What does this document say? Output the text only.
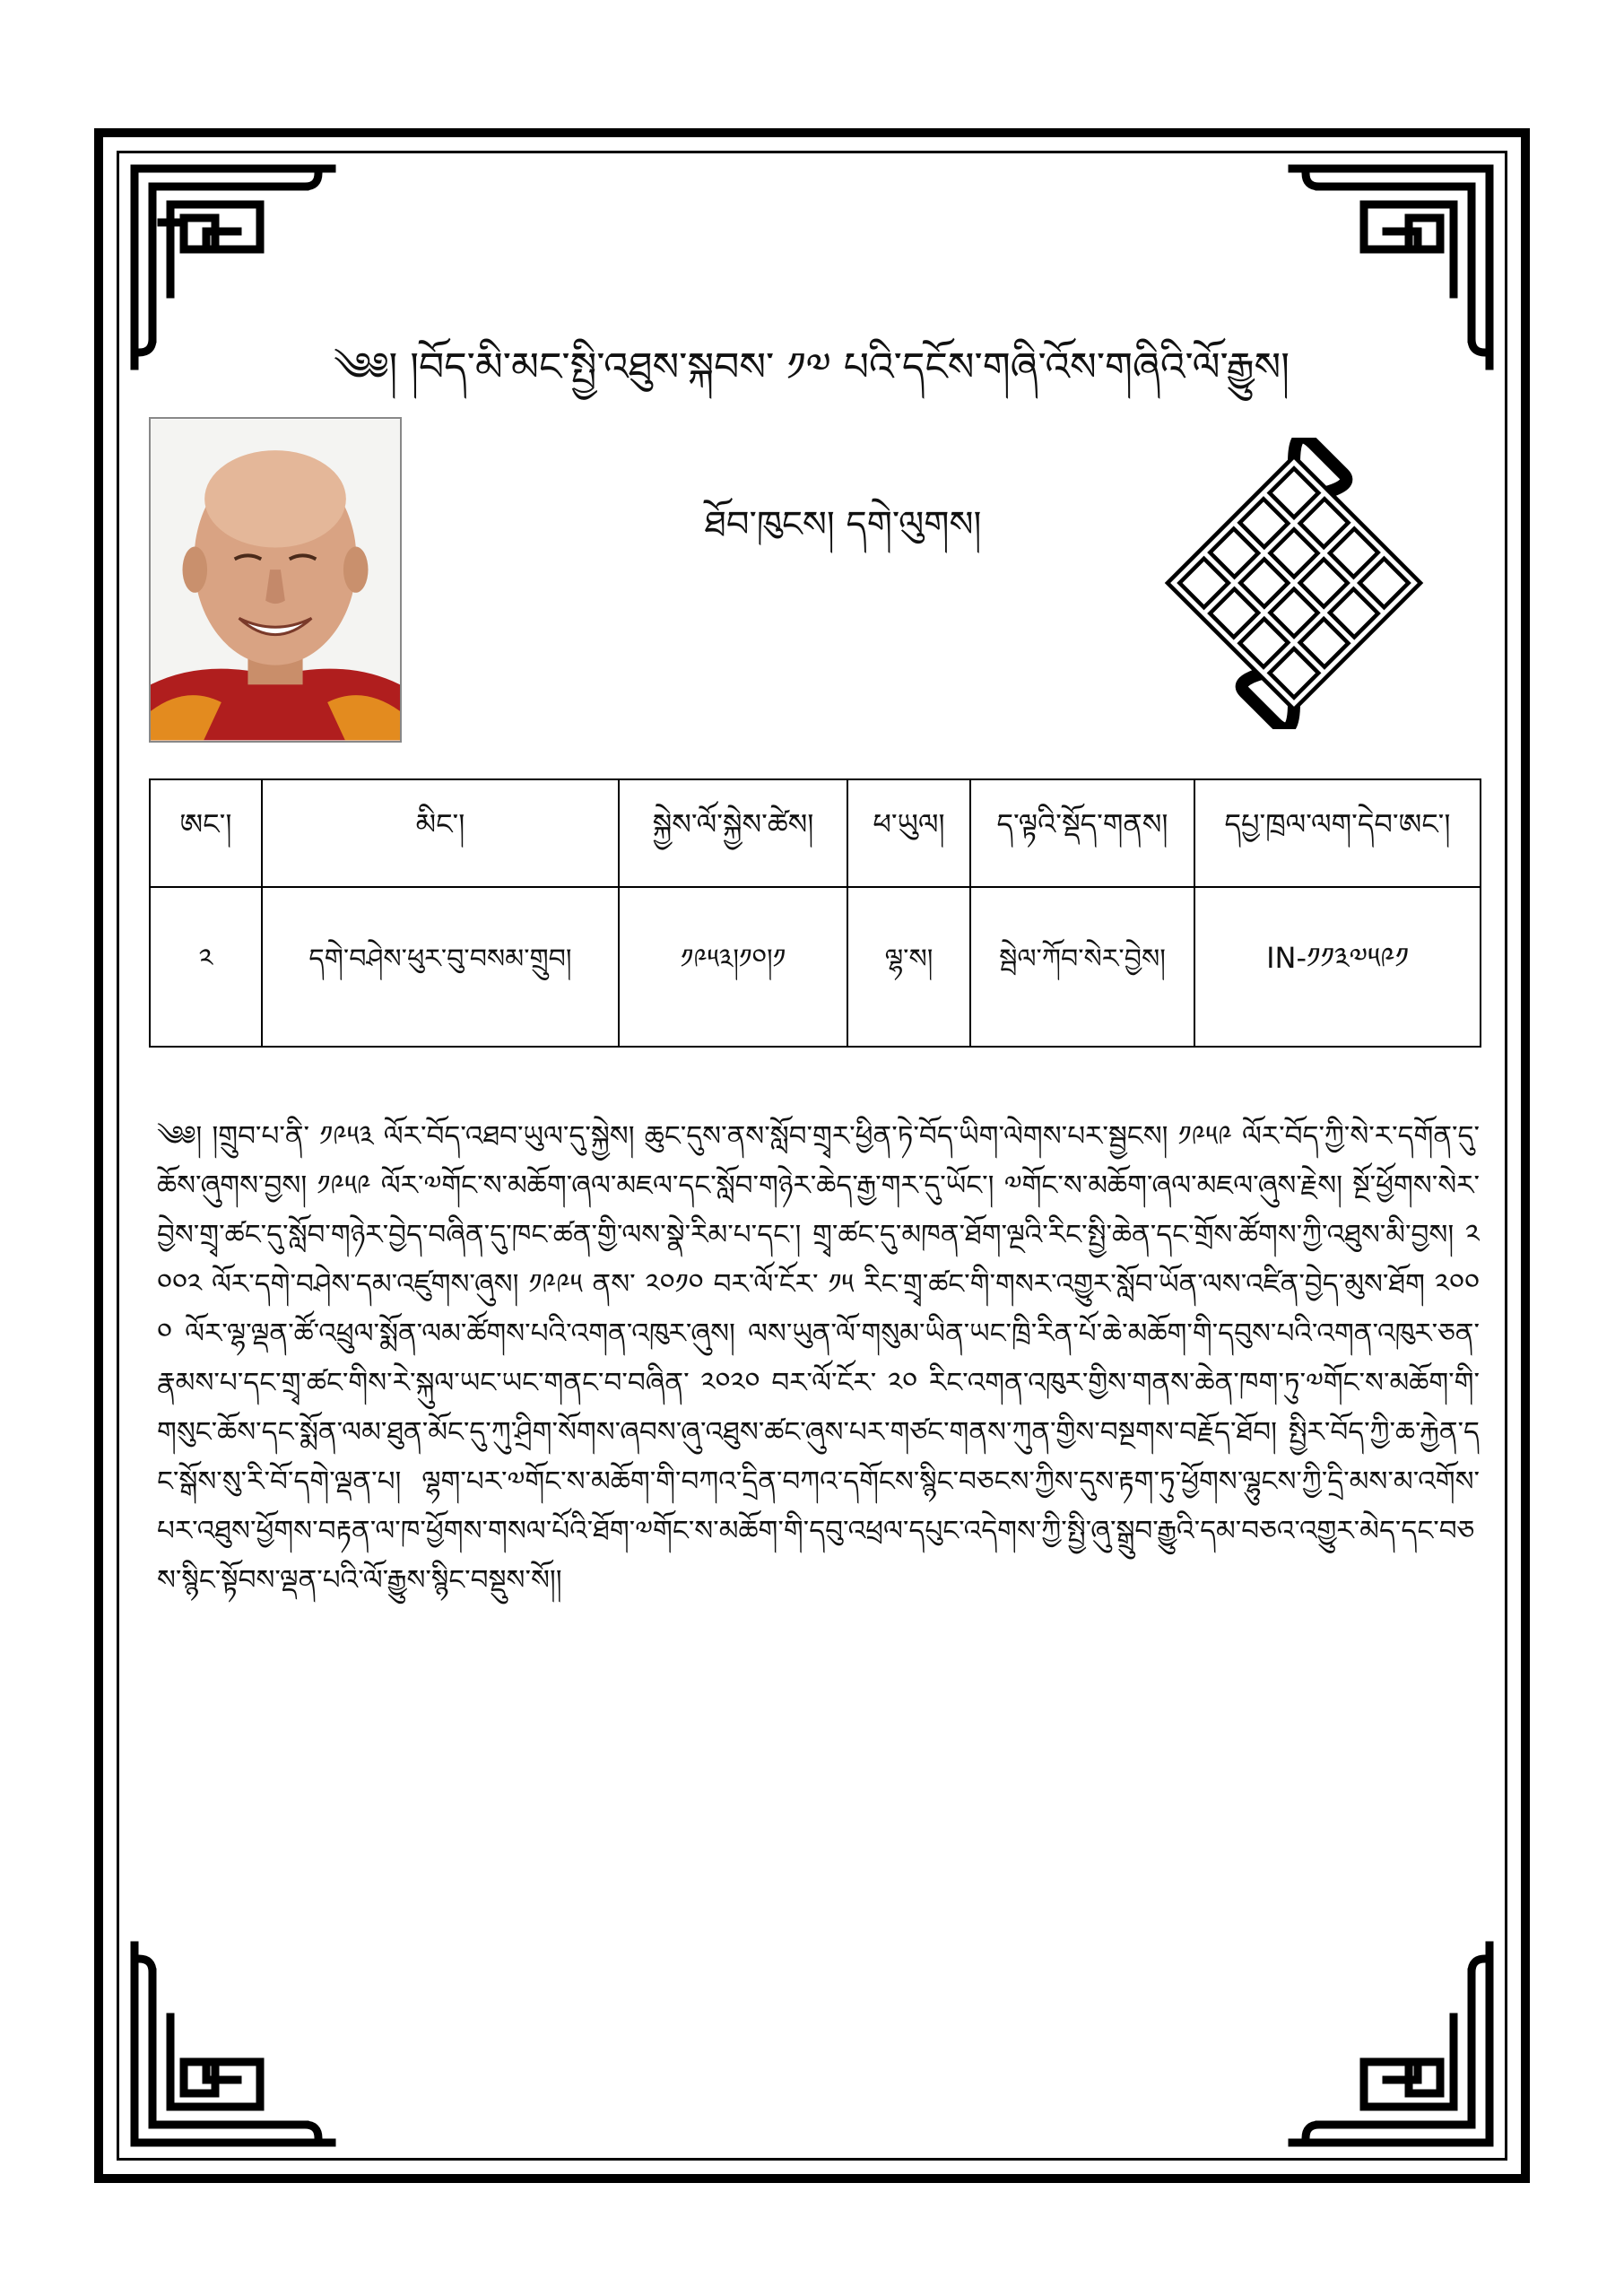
༄༅། །བོད་མི་མང་སྤྱི་འཐུས་སྐབས་ ༡༧ པའི་དངོས་གཞི་འོས་གཞིའི་ལོ་རྒྱུས།
ཐོབ་ཁུངས། དགེ་ལུགས།
ཨང་།	མིང་།	སྐྱེས་ལོ་སྐྱེས་ཚེས།	ཕ་ཡུལ།	ད་ལྟའི་སྡོད་གནས།	དཔྱ་ཁྲལ་ལག་དེབ་ཨང་།
༢	དགེ་བཤེས་ཕུར་བུ་བསམ་གྲུབ།	༡༩༥༣།༡༠།༡	ལྷ་ས།	སྦེལ་ཀོབ་སེར་བྱེས།	IN-༡༡༣༧༥༩༡
༄༅། །གྲུབ་པ་ནི་ ༡༩༥༣ ལོར་བོད་འཐབ་ཡུལ་དུ་སྐྱེས། ཆུང་དུས་ནས་སློབ་གྲྭར་ཕྱིན་ཏེ་བོད་ཡིག་ལེགས་པར་སྦྱངས། ༡༩༥༩ ལོར་བོད་ཀྱི་སེ་ར་དགོན་དུ་ཆོས་ཞུགས་བྱས། ༡༩༥༩ ལོར་༧གོང་ས་མཆོག་ཞལ་མཇལ་དང་སློབ་གཉེར་ཆེད་རྒྱ་གར་དུ་ཡོང་། ༧གོང་ས་མཆོག་ཞལ་མཇལ་ཞུས་རྗེས། སྔོ་ཕྱོགས་སེར་བྱེས་གྲྭ་ཚང་དུ་སློབ་གཉེར་བྱེད་བཞིན་དུ་ཁང་ཚན་གྱི་ལས་སྣེ་རིམ་པ་དང་། གྲྭ་ཚང་དུ་མཁན་ཐོག་ལྔའི་རིང་སྤྱི་ཆེན་དང་གྲོས་ཚོགས་ཀྱི་འཐུས་མི་བྱས། ༢༠༠༢ ལོར་དགེ་བཤེས་དམ་འཛུགས་ཞུས། ༡༩༩༥ ནས་ ༢༠༡༠ བར་ལོ་ངོར་ ༡༥ རིང་གྲྭ་ཚང་གི་གསར་འགྱུར་སློབ་ཡོན་ལས་འཛིན་བྱེད་མུས་ཐོག ༢༠༠༠ ལོར་ལྷ་ལྡན་ཚོ་འཕྲུལ་སྨོན་ལམ་ཚོགས་པའི་འགན་འཁུར་ཞུས། ལས་ཡུན་ལོ་གསུམ་ཡིན་ཡང་ཁྲི་རིན་པོ་ཆེ་མཆོག་གི་དབུས་པའི་འགན་འཁུར་ཅན་རྣམས་པ་དང་གྲྭ་ཚང་གིས་རེ་སྐུལ་ཡང་ཡང་གནང་བ་བཞིན་ ༢༠༢༠ བར་ལོ་ངོར་ ༢༠ རིང་འགན་འཁུར་གྱིས་གནས་ཆེན་ཁག་ཏུ་༧གོང་ས་མཆོག་གི་གསུང་ཆོས་དང་སྨོན་ལམ་ཐུན་མོང་དུ་ཀུ་ཤྲིག་སོགས་ཞབས་ཞུ་འཐུས་ཚང་ཞུས་པར་གཙང་གནས་ཀུན་གྱིས་བསྔགས་བརྗོད་ཐོབ། སྤྱིར་བོད་ཀྱི་ཆ་རྐྱེན་དང་སྒོས་སུ་རི་བོ་དགེ་ལྡན་པ། ལྷག་པར་༧གོང་ས་མཆོག་གི་བཀའ་དྲིན་བཀའ་དགོངས་སྙིང་བཅངས་ཀྱིས་དུས་རྟག་ཏུ་ཕྱོགས་ལྷུངས་ཀྱི་དྲི་མས་མ་འགོས་པར་འཐུས་ཕྱོགས་བརྟན་ལ་ཁ་ཕྱོགས་གསལ་པོའི་ཐོག་༧གོང་ས་མཆོག་གི་དབུ་འཕྲལ་དཔུང་འདེགས་ཀྱི་སྤྱི་ཞུ་སྒྲུབ་རྒྱུའི་དམ་བཅའ་འགྱུར་མེད་དང་བཅས་སྙིང་སྟོབས་ལྡན་པའི་ལོ་རྒྱུས་སྙིང་བསྡུས་སོ།།
